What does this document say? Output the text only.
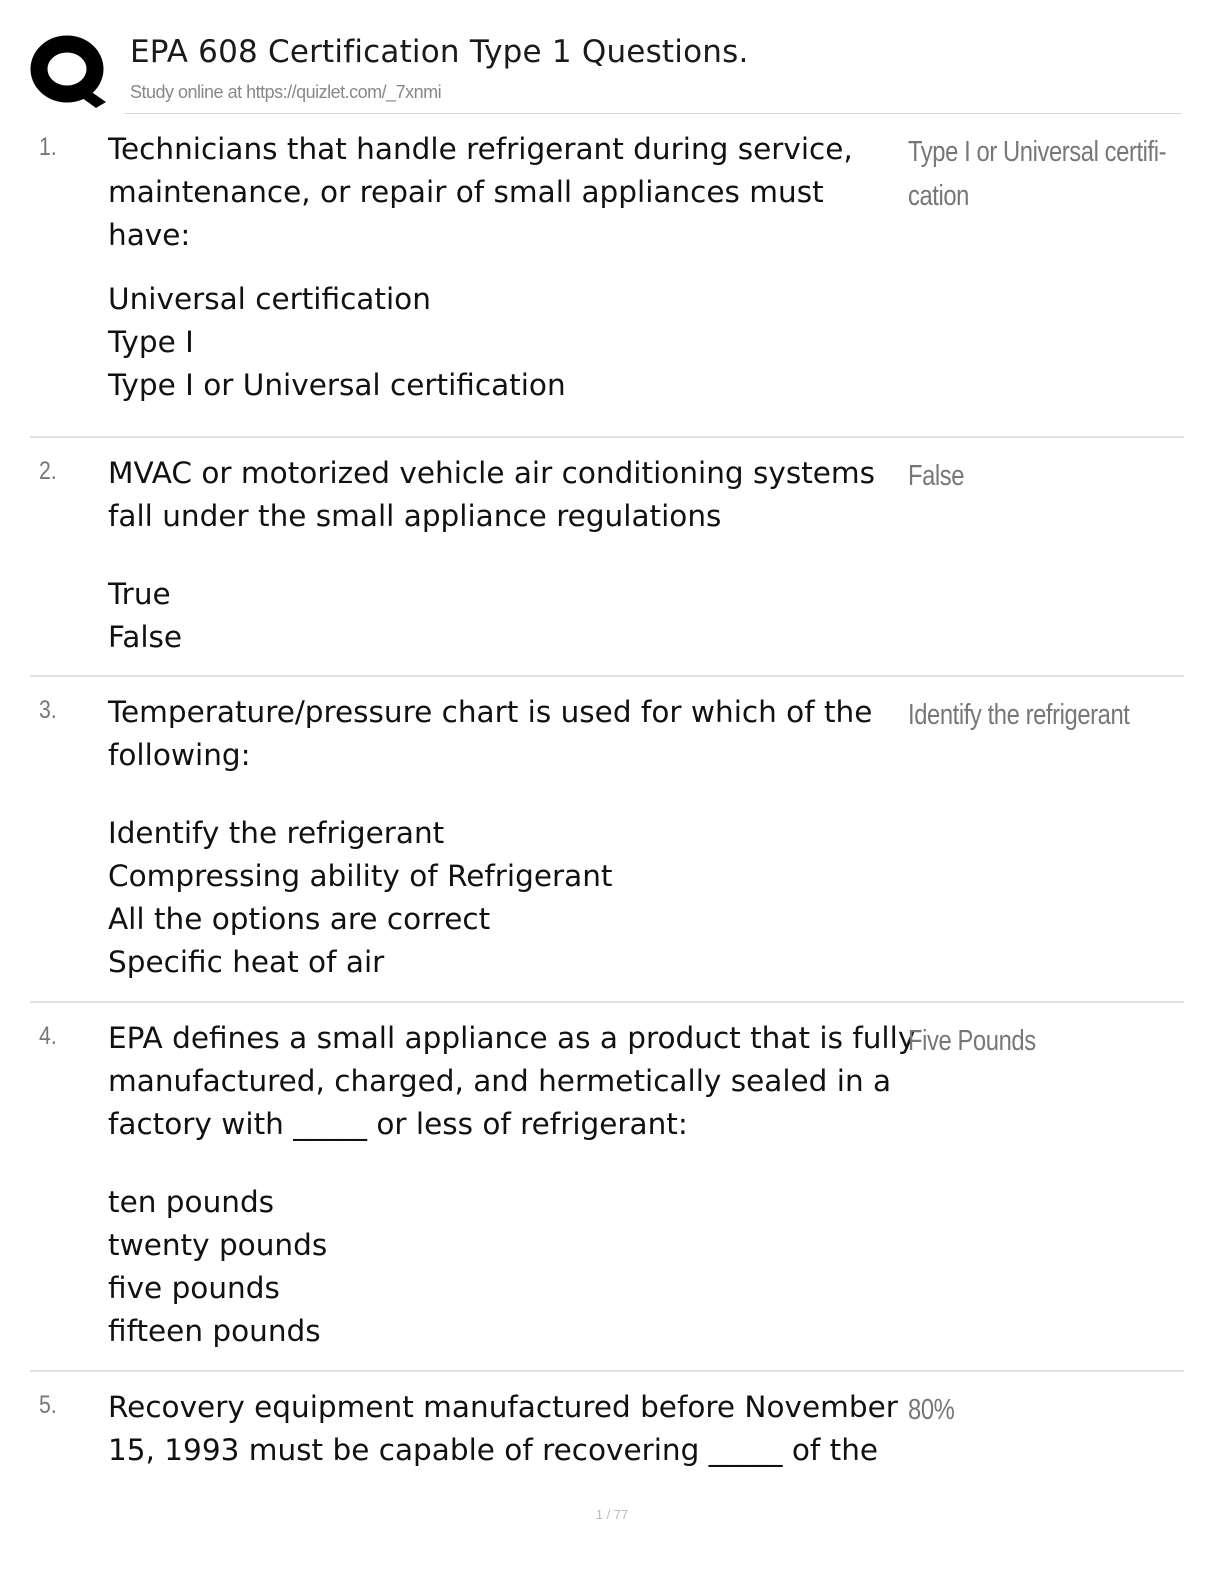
EPA 608 Certification Type 1 Questions.
Study online at https://quizlet.com/_7xnmi
1. Technicians that handle refrigerant during service,
maintenance, or repair of small appliances must
have:
Universal certification
Type I
Type I or Universal certification
Type I or Universal certifi-
cation
2. MVAC or motorized vehicle air conditioning systems
fall under the small appliance regulations
True
False
False
3. Temperature/pressure chart is used for which of the
following:
Identify the refrigerant
Compressing ability of Refrigerant
All the options are correct
Specific heat of air
Identify the refrigerant
4. EPA defines a small appliance as a product that is fully
manufactured, charged, and hermetically sealed in a
factory with _____ or less of refrigerant:
ten pounds
twenty pounds
five pounds
fifteen pounds
Five Pounds
5. Recovery equipment manufactured before November
15, 1993 must be capable of recovering _____ of the
80%
1 / 77
